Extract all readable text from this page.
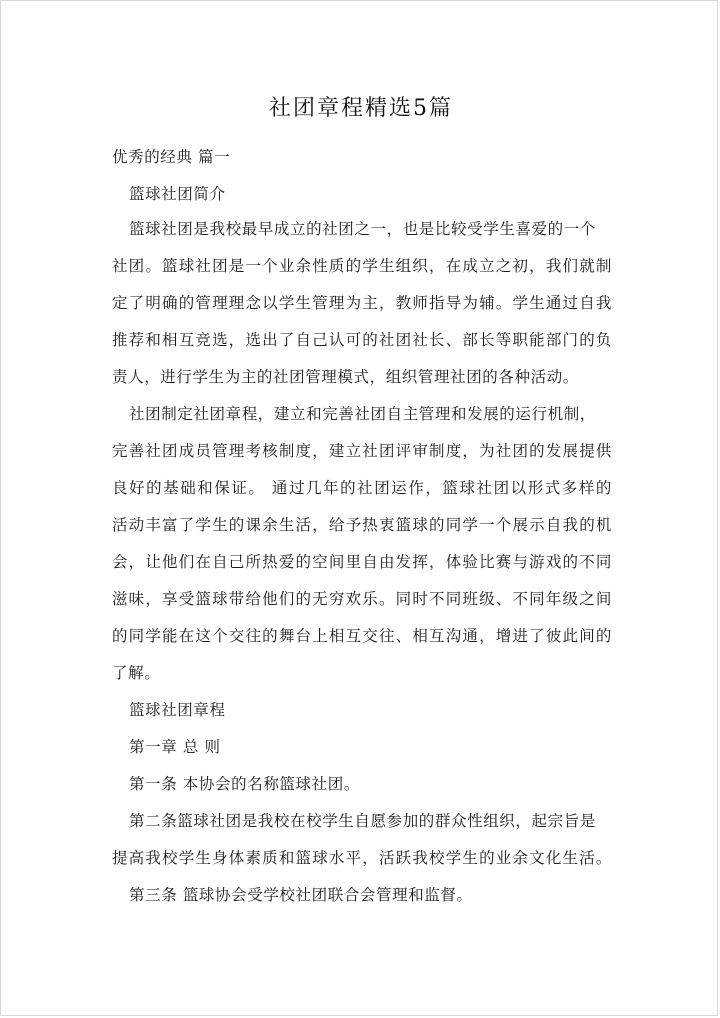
社团章程精选5篇
优秀的经典 篇一
篮球社团简介
篮球社团是我校最早成立的社团之一，也是比较受学生喜爱的一个
社团。篮球社团是一个业余性质的学生组织，在成立之初，我们就制
定了明确的管理理念以学生管理为主，教师指导为辅。学生通过自我
推荐和相互竞选，选出了自己认可的社团社长、部长等职能部门的负
责人，进行学生为主的社团管理模式，组织管理社团的各种活动。
社团制定社团章程，建立和完善社团自主管理和发展的运行机制，
完善社团成员管理考核制度，建立社团评审制度，为社团的发展提供
良好的基础和保证。 通过几年的社团运作，篮球社团以形式多样的
活动丰富了学生的课余生活，给予热衷篮球的同学一个展示自我的机
会，让他们在自己所热爱的空间里自由发挥，体验比赛与游戏的不同
滋味，享受篮球带给他们的无穷欢乐。同时不同班级、不同年级之间
的同学能在这个交往的舞台上相互交往、相互沟通，增进了彼此间的
了解。
篮球社团章程
第一章 总 则
第一条 本协会的名称篮球社团。
第二条篮球社团是我校在校学生自愿参加的群众性组织，起宗旨是
提高我校学生身体素质和篮球水平，活跃我校学生的业余文化生活。
第三条 篮球协会受学校社团联合会管理和监督。
